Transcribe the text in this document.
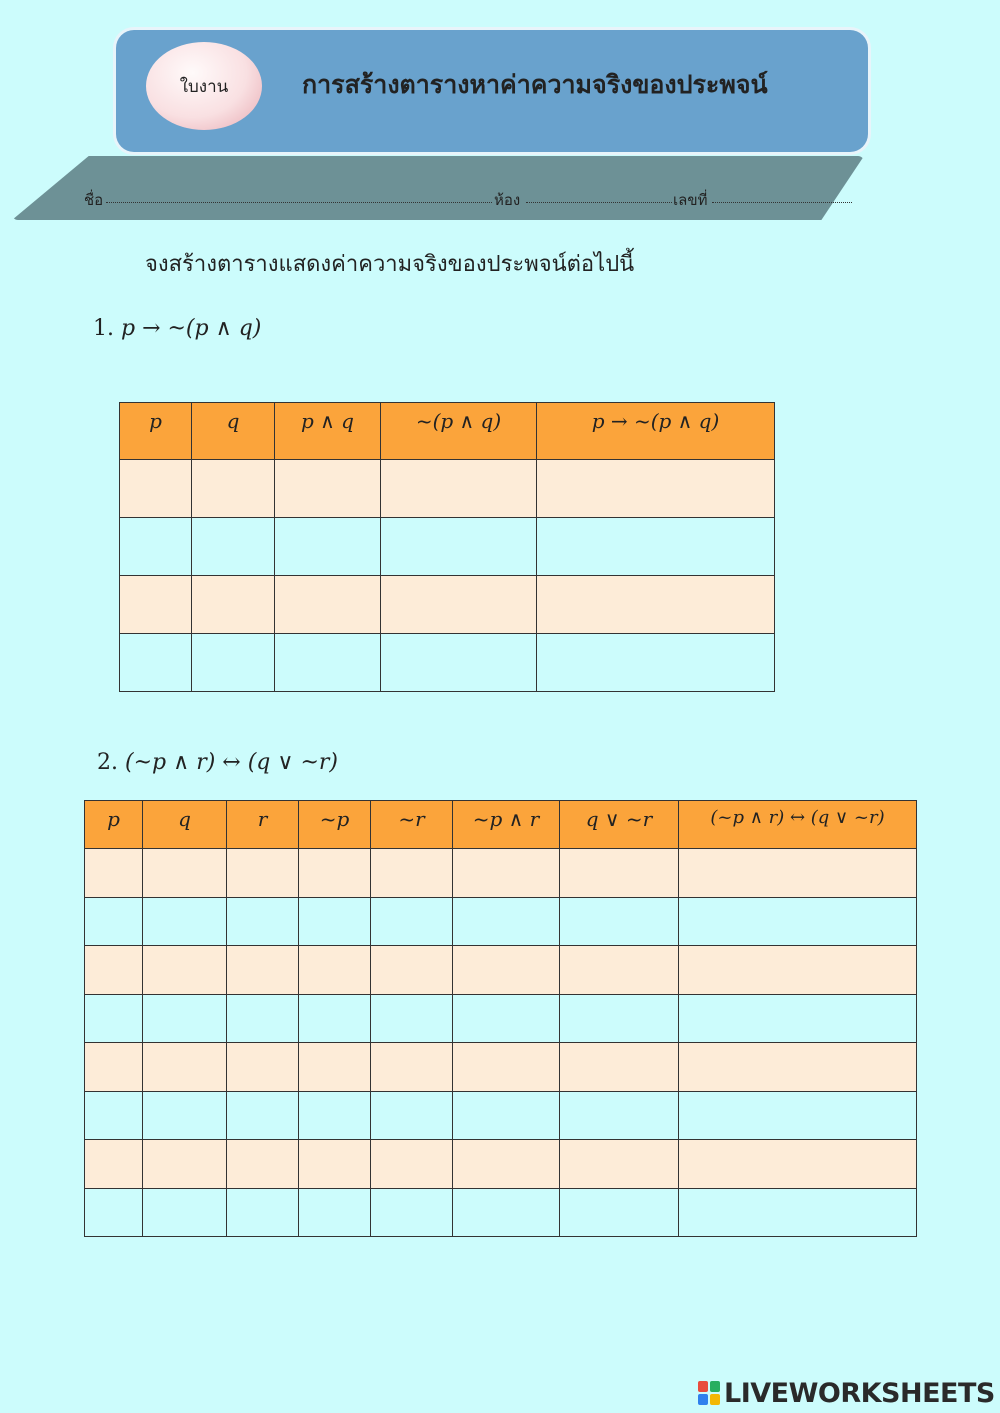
ใบงาน	การสร้างตารางหาค่าความจริงของประพจน์
ชื่อ	ห้อง	เลขที่
จงสร้างตารางแสดงค่าความจริงของประพจน์ต่อไปนี้
1. p → ~(p ∧ q)
p	q	p ∧ q	~(p ∧ q)	p → ~(p ∧ q)

2. (~p ∧ r) ↔ (q ∨ ~r)
p	q	r	~p	~r	~p ∧ r	q ∨ ~r	(~p ∧ r) ↔ (q ∨ ~r)

LIVEWORKSHEETS
